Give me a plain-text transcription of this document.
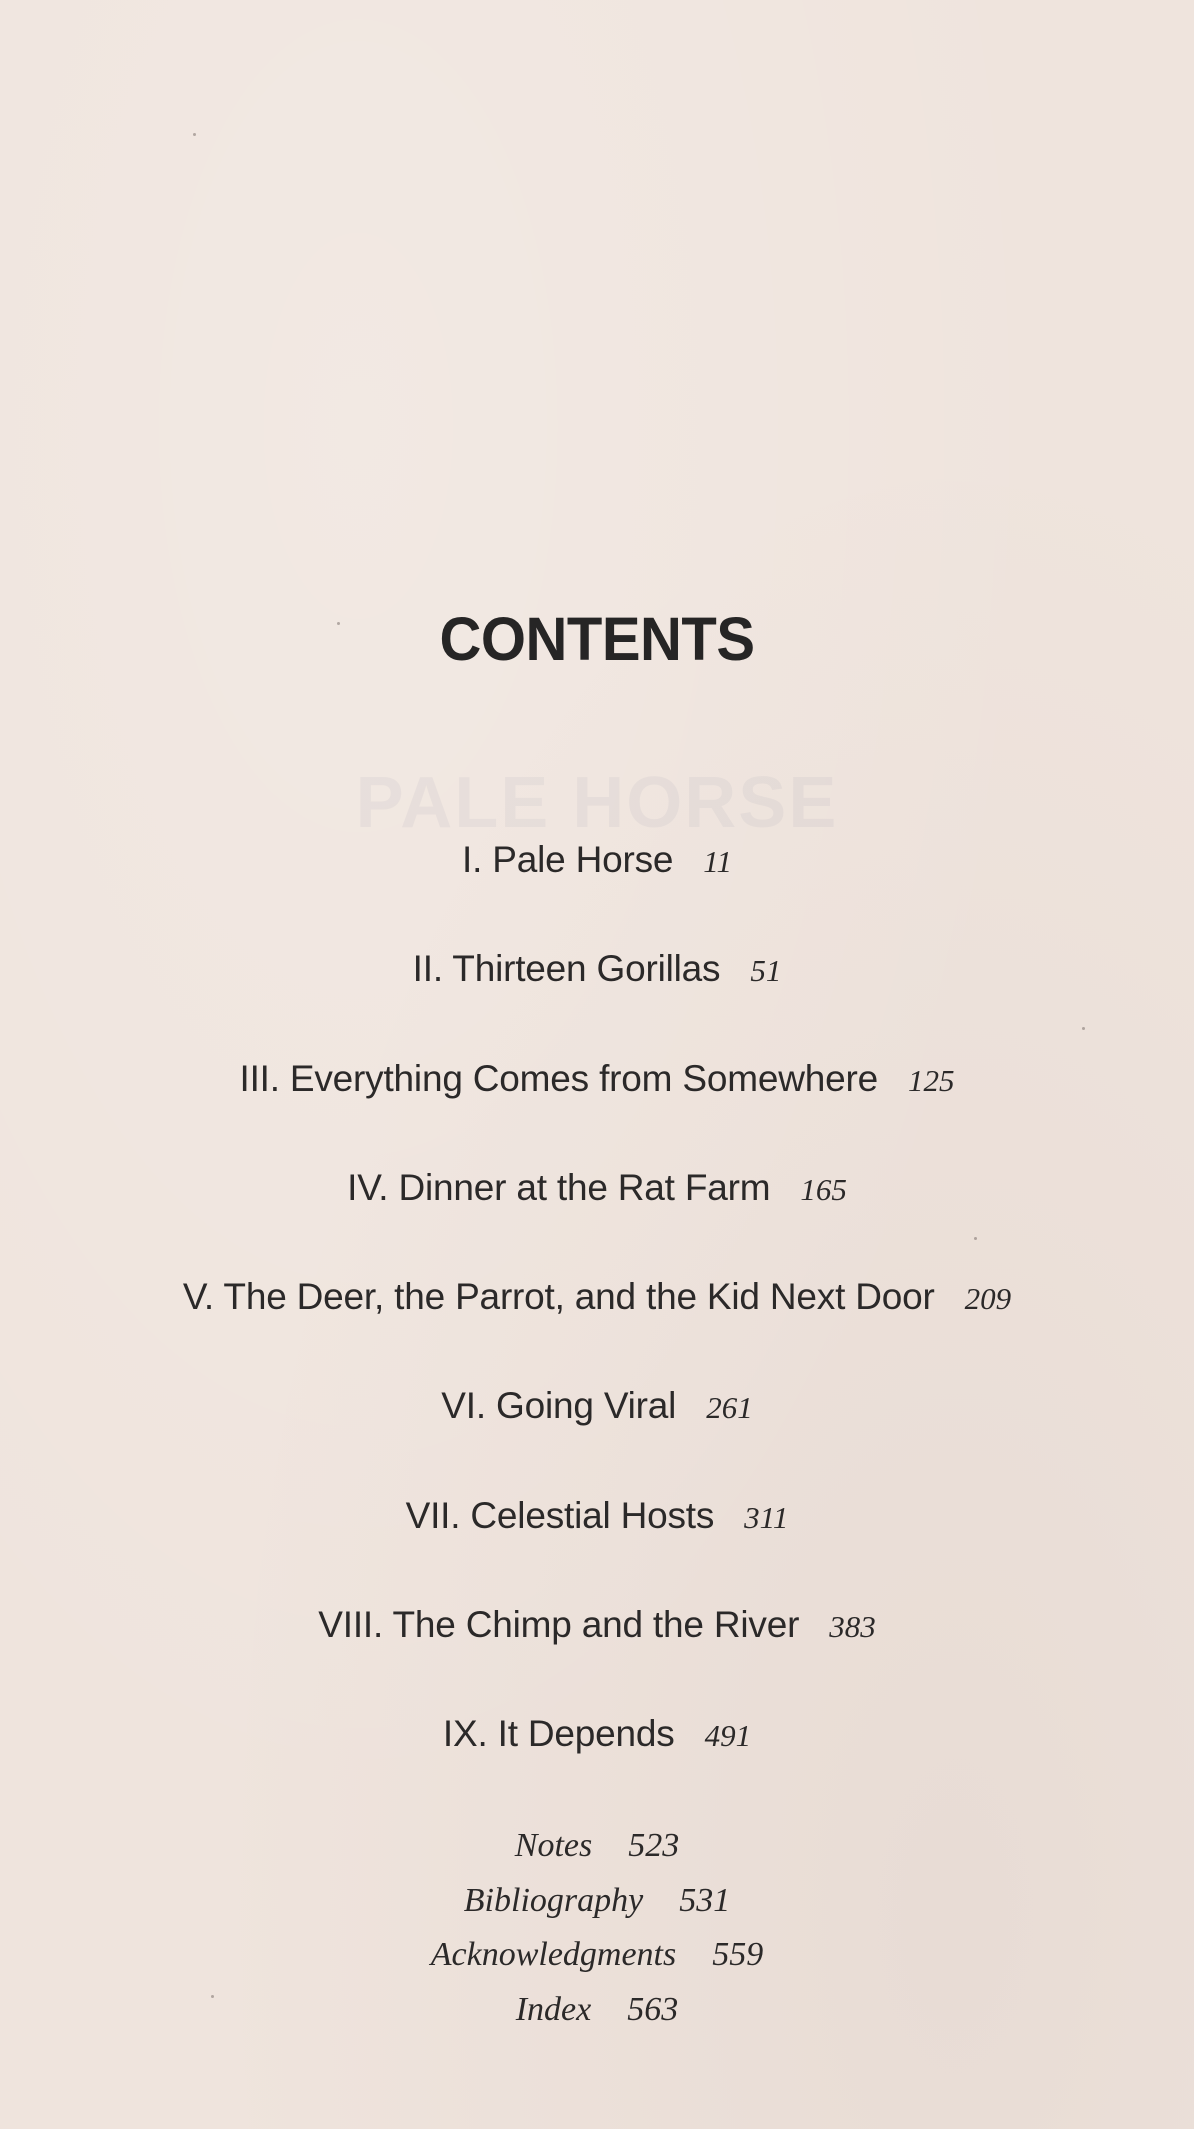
PALE HORSE
CONTENTS
I. Pale Horse 11
II. Thirteen Gorillas 51
III. Everything Comes from Somewhere 125
IV. Dinner at the Rat Farm 165
V. The Deer, the Parrot, and the Kid Next Door 209
VI. Going Viral 261
VII. Celestial Hosts 311
VIII. The Chimp and the River 383
IX. It Depends 491
Notes 523
Bibliography 531
Acknowledgments 559
Index 563
